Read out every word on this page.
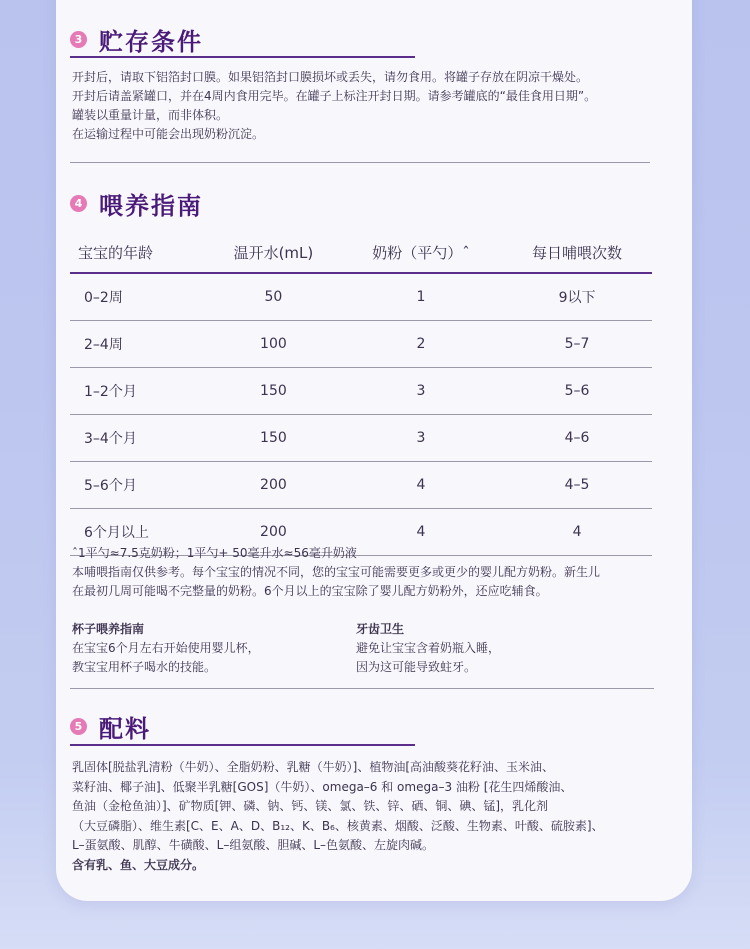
3 贮存条件
开封后，请取下铝箔封口膜。如果铝箔封口膜损坏或丢失，请勿食用。将罐子存放在阴凉干燥处。
开封后请盖紧罐口，并在4周内食用完毕。在罐子上标注开封日期。请参考罐底的“最佳食用日期”。
罐装以重量计量，而非体积。
在运输过程中可能会出现奶粉沉淀。
4 喂养指南
宝宝的年龄	温开水(mL)	奶粉（平勺）ˆ	每日哺喂次数
0–2周	50	1	9以下
2–4周	100	2	5–7
1–2个月	150	3	5–6
3–4个月	150	3	4–6
5–6个月	200	4	4–5
6个月以上	200	4	4
ˆ1平勺≈7.5克奶粉；1平勺+ 50毫升水≈56毫升奶液
本哺喂指南仅供参考。每个宝宝的情况不同，您的宝宝可能需要更多或更少的婴儿配方奶粉。新生儿
在最初几周可能喝不完整量的奶粉。6个月以上的宝宝除了婴儿配方奶粉外，还应吃辅食。
杯子喂养指南
在宝宝6个月左右开始使用婴儿杯，
教宝宝用杯子喝水的技能。
牙齿卫生
避免让宝宝含着奶瓶入睡，
因为这可能导致蛀牙。
5 配料
乳固体[脱盐乳清粉（牛奶）、全脂奶粉、乳糖（牛奶）]、植物油[高油酸葵花籽油、玉米油、
菜籽油、椰子油]、低聚半乳糖[GOS]（牛奶）、omega–6 和 omega–3 油粉 [花生四烯酸油、
鱼油（金枪鱼油）]、矿物质[钾、磷、钠、钙、镁、氯、铁、锌、硒、铜、碘、锰]，乳化剂
（大豆磷脂）、维生素[C、E、A、D、B₁₂、K、B₆、核黄素、烟酸、泛酸、生物素、叶酸、硫胺素]、
L–蛋氨酸、肌醇、牛磺酸、L–组氨酸、胆碱、L–色氨酸、左旋肉碱。
含有乳、鱼、大豆成分。
